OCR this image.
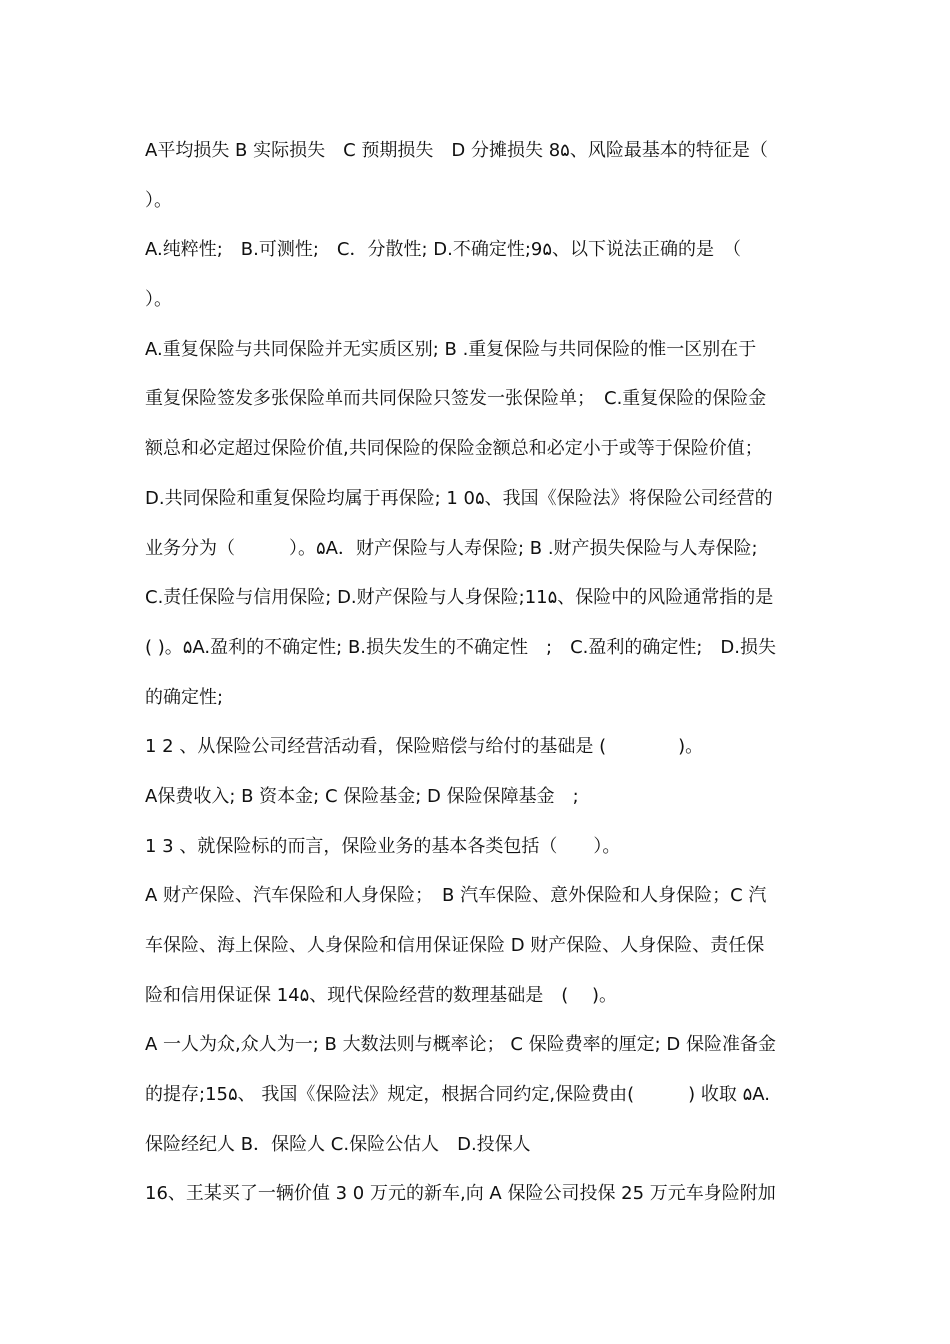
A平均损失 B 实际损失　C 预期损失　D 分摊损失 8۵、风险最基本的特征是（
）。
A.纯粹性;　B.可测性;　C．分散性; D.不确定性;9۵、以下说法正确的是　（
）。
A.重复保险与共同保险并无实质区别; B .重复保险与共同保险的惟一区别在于
重复保险签发多张保险单而共同保险只签发一张保险单；　C.重复保险的保险金
额总和必定超过保险价值,共同保险的保险金额总和必定小于或等于保险价值；
D.共同保险和重复保险均属于再保险; 1 0۵、我国《保险法》将保险公司经营的
业务分为（　　　）。۵A．财产保险与人寿保险; B .财产损失保险与人寿保险;
C.责任保险与信用保险; D.财产保险与人身保险;11۵、保险中的风险通常指的是
( )。۵A.盈利的不确定性; B.损失发生的不确定性　;　C.盈利的确定性;　D.损失
的确定性;
1 2 、从保险公司经营活动看，保险赔偿与给付的基础是 (　　　　)。
A保费收入; B 资本金; C 保险基金; D 保险保障基金　;
1 3 、就保险标的而言，保险业务的基本各类包括（　　）。
A 财产保险、汽车保险和人身保险；　B 汽车保险、意外保险和人身保险；C 汽
车保险、海上保险、人身保险和信用保证保险 D 财产保险、人身保险、责任保
险和信用保证保 14۵、现代保险经营的数理基础是　(　 )。
A 一人为众,众人为一; B 大数法则与概率论； C 保险费率的厘定; D 保险准备金
的提存;15۵、 我国《保险法》规定，根据合同约定,保险费由(　　　) 收取 ۵A.
保险经纪人 B．保险人 C.保险公估人　D.投保人
16、王某买了一辆价值 3 0 万元的新车,向 A 保险公司投保 25 万元车身险附加
